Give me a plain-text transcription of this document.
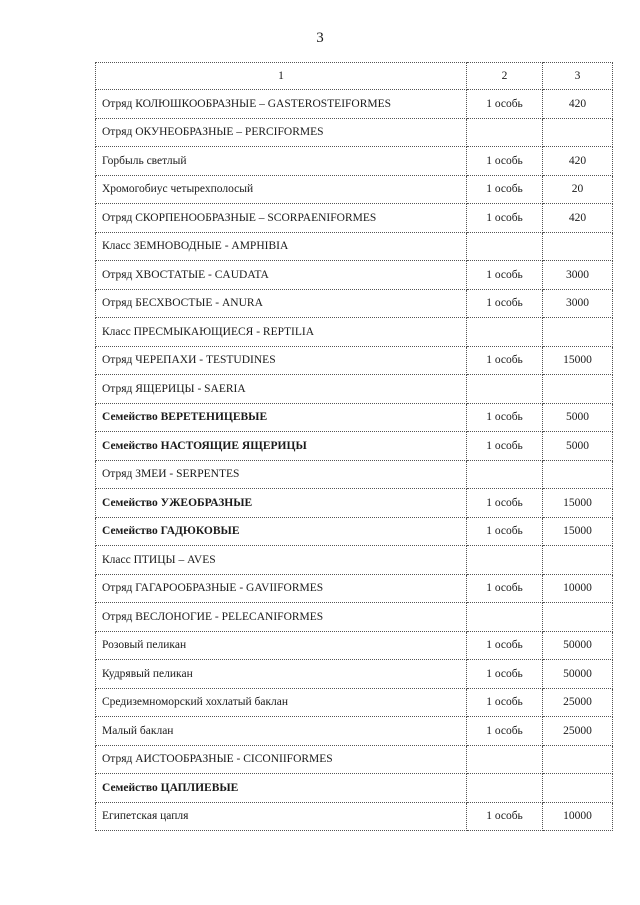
3
1	2	3
Отряд КОЛЮШКООБРАЗНЫЕ – GASTEROSTEIFORMES	1 особь	420
Отряд ОКУНЕОБРАЗНЫЕ – PERCIFORMES		
Горбыль светлый	1 особь	420
Хромогобиус четырехполосый	1 особь	20
Отряд СКОРПЕНООБРАЗНЫЕ – SCORPAENIFORMES	1 особь	420
Класс ЗЕМНОВОДНЫЕ - AMPHIBIA		
Отряд ХВОСТАТЫЕ - CAUDATA	1 особь	3000
Отряд БЕСХВОСТЫЕ - ANURA	1 особь	3000
Класс ПРЕСМЫКАЮЩИЕСЯ - REPTILIA		
Отряд ЧЕРЕПАХИ - TESTUDINES	1 особь	15000
Отряд ЯЩЕРИЦЫ - SAERIA		
Семейство ВЕРЕТЕНИЦЕВЫЕ	1 особь	5000
Семейство НАСТОЯЩИЕ ЯЩЕРИЦЫ	1 особь	5000
Отряд ЗМЕИ - SERPENTES		
Семейство УЖЕОБРАЗНЫЕ	1 особь	15000
Семейство ГАДЮКОВЫЕ	1 особь	15000
Класс ПТИЦЫ – AVES		
Отряд ГАГАРООБРАЗНЫЕ - GAVIIFORMES	1 особь	10000
Отряд ВЕСЛОНОГИЕ - PELECANIFORMES		
Розовый пеликан	1 особь	50000
Кудрявый пеликан	1 особь	50000
Средиземноморский хохлатый баклан	1 особь	25000
Малый баклан	1 особь	25000
Отряд АИСТООБРАЗНЫЕ - CICONIIFORMES		
Семейство ЦАПЛИЕВЫЕ		
Египетская цапля	1 особь	10000
